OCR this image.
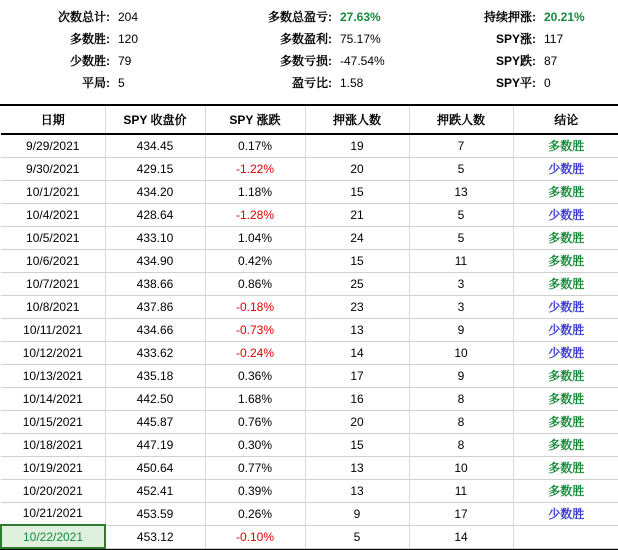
次数总计: 204
多数胜: 120
少数胜: 79
平局: 5
多数总盈亏: 27.63%
多数盈利: 75.17%
多数亏损: -47.54%
盈亏比: 1.58
持续押涨: 20.21%
SPY涨: 117
SPY跌: 87
SPY平: 0
日期	SPY 收盘价	SPY 涨跌	押涨人数	押跌人数	结论
9/29/2021	434.45	0.17%	19	7	多数胜
9/30/2021	429.15	-1.22%	20	5	少数胜
10/1/2021	434.20	1.18%	15	13	多数胜
10/4/2021	428.64	-1.28%	21	5	少数胜
10/5/2021	433.10	1.04%	24	5	多数胜
10/6/2021	434.90	0.42%	15	11	多数胜
10/7/2021	438.66	0.86%	25	3	多数胜
10/8/2021	437.86	-0.18%	23	3	少数胜
10/11/2021	434.66	-0.73%	13	9	少数胜
10/12/2021	433.62	-0.24%	14	10	少数胜
10/13/2021	435.18	0.36%	17	9	多数胜
10/14/2021	442.50	1.68%	16	8	多数胜
10/15/2021	445.87	0.76%	20	8	多数胜
10/18/2021	447.19	0.30%	15	8	多数胜
10/19/2021	450.64	0.77%	13	10	多数胜
10/20/2021	452.41	0.39%	13	11	多数胜
10/21/2021	453.59	0.26%	9	17	少数胜
10/22/2021	453.12	-0.10%	5	14	
